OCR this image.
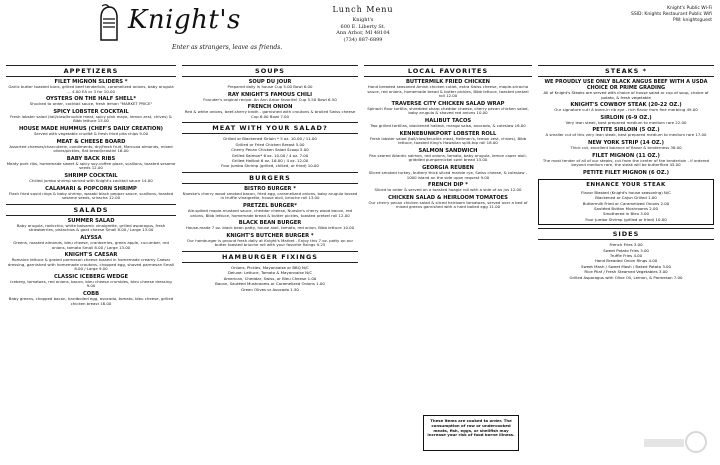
Knight's
Enter as strangers, leave as friends.
Lunch Menu
Knight's
600 E. Liberty St.
Ann Arbor, MI 48104
(734) 887-6899
Knight's Public Wi-Fi
SSID: Knights Restaurant Public Wifi
PW: knightsguest
APPETIZERS
FILET MIGNON SLIDERS *
Garlic butter toasted buns, grilled beef tenderloin, caramelized onions, baby arugula ... 4.00 EA or 3 for 10.00
OYSTERS ON THE HALF SHELL*
Shucked to order, cocktail sauce, fresh lemon "MARKET PRICE"
SPICY LOBSTER COCKTAIL
Fresh lobster salad (tail/claw/knuckle meat, spicy pink mayo, lemon zest, chives) & Bibb lettuce 15.00
HOUSE MADE HUMMUS (CHEF'S DAILY CREATION)
Served with vegetable crudité & fresh fried pita chips 9.00
MEAT & CHEESE BOARD
Assorted cheeses/charcuterie, condiments, dry/fresh fruit, Marcona almonds, mixed olives/pickles, flat bread/crostini 16.00
BABY BACK RIBS
Meaty pork ribs, homemade sweet & spicy soy-coffee glaze, scallions, toasted sesame seeds 12.00
SHRIMP COCKTAIL
Chilled jumbo shrimp served with Knight's cocktail sauce 14.00
CALAMARI & POPCORN SHRIMP
Flash fried squid rings & baby shrimp, wasabi black pepper sauce, scallions, toasted sesame seeds, sriracha 12.00
SALADS
SUMMER SALAD
Baby arugula, radicchio, white balsamic vinaigrette, grilled asparagus, fresh strawberries, pistachios & goat cheese Small 8.00 / Large 13.00
ALYSSA
Greens, roasted almonds, bleu cheese, cranberries, green apple, cucumber, red onions, tomato Small 8.00 / Large 13.00
KNIGHT'S CAESAR
Romaine lettuce & grated parmesan cheese tossed in homemade creamy Caesar dressing, garnished with homemade croutons, chopped egg, shaved parmesan Small 8.00 / Large 9.00
CLASSIC ICEBERG WEDGE
Iceberg, tomatoes, red onions, bacon, bleu cheese crumbles, bleu cheese dressing 9.00
COBB
Baby greens, chopped bacon, hardboiled egg, avocado, tomato, bleu cheese, grilled chicken breast 16.00
SOUPS
SOUP DU JOUR
Prepared daily in house Cup 5.00 Bowl 6.00
RAY KNIGHT'S FAMOUS CHILI
Founder's original recipe. An Ann Arbor favorite! Cup 5.50 Bowl 6.50
FRENCH ONION
Red & white onions, beef-sherry broth - garnished with croutons & broiled Swiss cheese Cup 6.00 Bowl 7.00
MEAT WITH YOUR SALAD?
Grilled or Blackened Sirloin * 5 oz. 10.00 / 11.00
Grilled or Fried Chicken Breast 5.00
Cherry Pecan Chicken Salad Scoop 5.00
Grilled Salmon* 6 oz. 10.00 / 4 oz. 7.00
Grilled Halibut 6 oz. 16.00 / 4 oz. 12.00
Four Jumbo Shrimp (grilled, chilled, or fried) 10.00
BURGERS
BISTRO BURGER *
Nueske's cherry wood smoked bacon, fried egg, caramelized onions, baby arugula tossed in truffle vinaigrette, house aioli, brioche roll 13.00
PRETZEL BURGER*
Ale-spiked maple-mustard sauce, cheddar cheese, Nueske's cherry wood bacon, red onions, Bibb lettuce, homemade bread & butter pickles, toasted pretzel roll 12.00
BLACK BEAN BURGER
House-made 7 oz. black bean patty, house aioli, tomato, red onion, Bibb lettuce 10.00
KNIGHT'S BUTCHER BURGER *
Our hamburger is ground fresh daily at Knight's Market - Enjoy this 7 oz. patty on our butter toasted brioche roll with your favorite fixings 9.25
HAMBURGER FIXINGS
Onions, Pickles, Mayonnaise or BBQ N/C
Deluxe: Lettuce, Tomato & Mayonnaise N/C
American, Cheddar, Swiss, or Bleu Cheese 1.00
Bacon, Sautéed Mushrooms or Caramelized Onions 1.00
Green Olives or Avocado 1.50
LOCAL FAVORITES
BUTTERMILK FRIED CHICKEN
Hand breaded seasoned Amish chicken cutlet, extra Swiss cheese, maple-sriracha sauce, red onions, homemade bread & butter pickles, Bibb lettuce, toasted pretzel roll 12.00
TRAVERSE CITY CHICKEN SALAD WRAP
Spinach flour tortilla, shredded sharp cheddar cheese, cherry pecan chicken salad, baby arugula & shaved red onions 10.00
HALIBUT TACOS
Two grilled tortillas, blackened halibut, mango salsa, avocado, & coleslaw 16.00
KENNEBUNKPORT LOBSTER ROLL
Fresh lobster salad (tail/claw/knuckle meat, Hellman's, lemon zest, chives), Bibb lettuce, toasted King's Hawaiian split-top roll 18.00
SALMON SANDWICH
Pan seared Atlantic salmon, red onions, tomato, baby arugula, lemon caper aioli, griddled pumpernickel swirl bread 15.00
GEORGIA REUBEN
Sliced smoked turkey, buttery thick sliced marble rye, Swiss cheese, & coleslaw - 1000 island on the side upon request 9.00
FRENCH DIP *
Sliced to order & served on a toasted hoagie roll with a side of au jus 12.00
CHICKEN SALAD & HEIRLOOM TOMATOES
Our cherry pecan chicken salad & sliced heirloom tomatoes, served over a bed of mixed greens garnished with a hard boiled egg 11.00
These items are cooked to order. The consumption of raw or undercooked meats, fish, eggs, or shellfish may increase your risk of food borne illness.
STEAKS *
WE PROUDLY USE ONLY BLACK ANGUS BEEF WITH A USDA CHOICE OR PRIME GRADING
All of Knight's Steaks are served with choice of house salad or cup of soup, choice of potato, & fresh vegetable
KNIGHT'S COWBOY STEAK (20-22 OZ.)
Our signature cut! A bone-in rib eye - rich flavor from fine marbling 49.00
SIRLOIN (6-9 OZ.)
Very lean steak, best prepared medium to medium rare 22.00
PETITE SIRLOIN (5 OZ.)
A smaller cut of this very lean steak, best prepared medium to medium rare 17.00
NEW YORK STRIP (14 OZ.)
Thick cut, excellent balance of flavor & tenderness 38.00
FILET MIGNON (11 OZ.)
The most tender of all of our steaks, cut from the center of the tenderloin - if ordered beyond medium rare, the steak will be butterflied 45.00
PETITE FILET MIGNON (6 OZ.)
ENHANCE YOUR STEAK
Flavor Blasted (Knight's house seasoning) N/C
Blackened or Cajun Grilled 1.00
Buttermilk Fried or Caramelized Onions 2.00
Sautéed Button Mushrooms 2.00
Smothered in Bleu 3.00
Four Jumbo Shrimp (grilled or fried) 10.00
SIDES
French Fries 3.00
Sweet Potato Fries 3.00
Truffle Fries 4.00
Hand Breaded Onion Rings 4.00
Sweet Mash / Sweet Mash / Baked Potato 3.00
Rice Pilaf / Fresh Steamed Vegetables 3.00
Grilled Asparagus with Olive Oil, Lemon, & Parmesan 7.00
